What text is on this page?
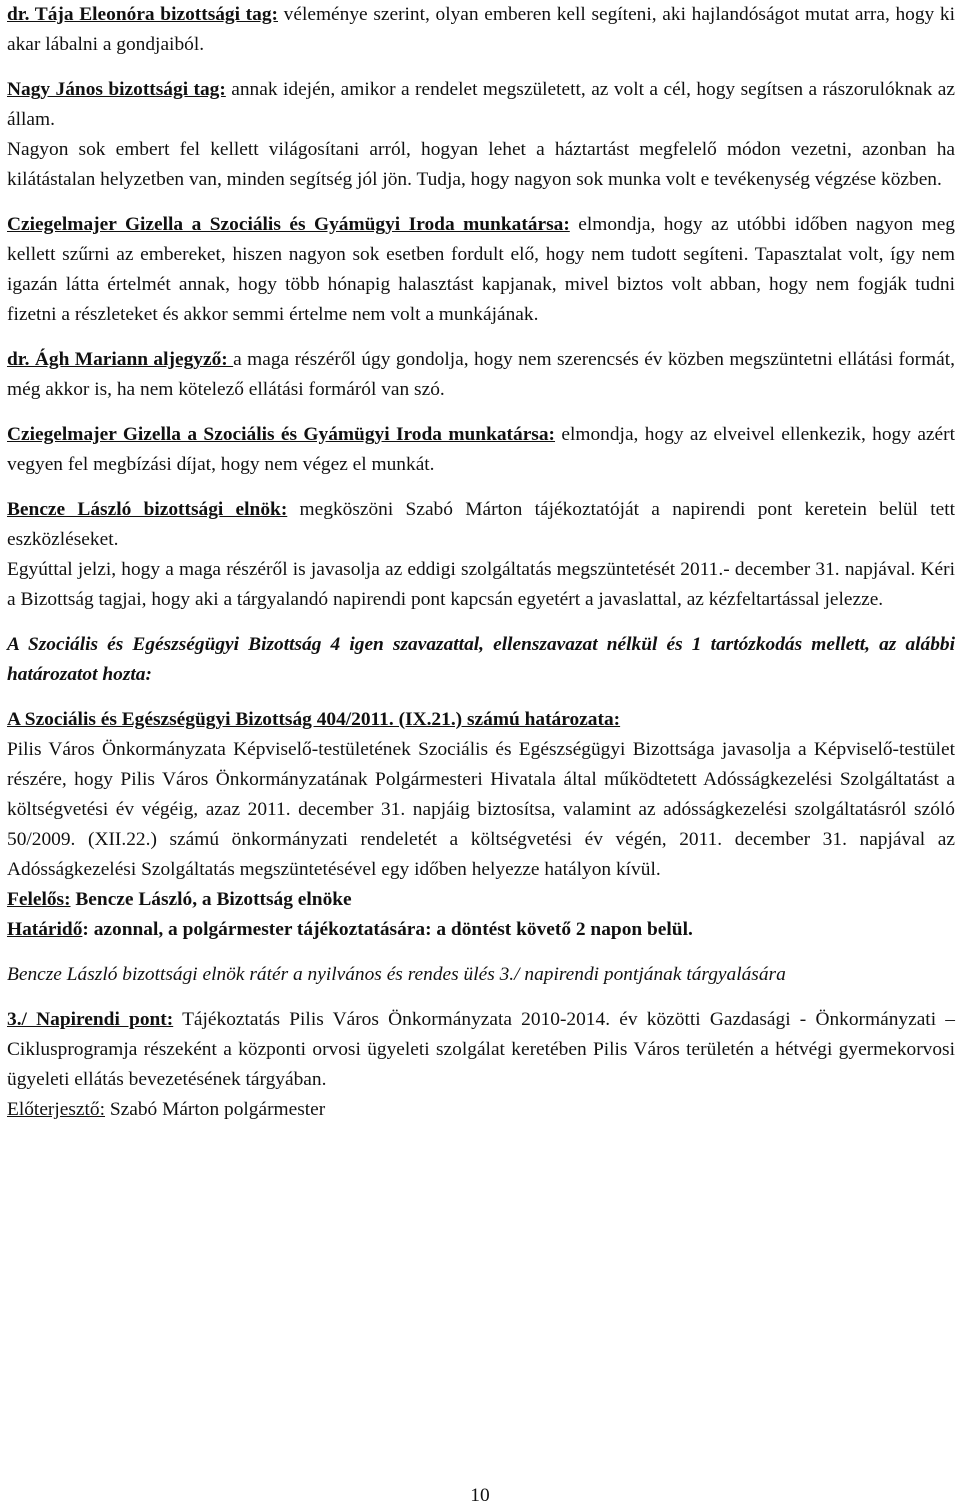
dr. Tája Eleonóra bizottsági tag: véleménye szerint, olyan emberen kell segíteni, aki hajlandóságot mutat arra, hogy ki akar lábalni a gondjaiból.

Nagy János bizottsági tag: annak idején, amikor a rendelet megszületett, az volt a cél, hogy segítsen a rászorulóknak az állam.

Nagyon sok embert fel kellett világosítani arról, hogyan lehet a háztartást megfelelő módon vezetni, azonban ha kilátástalan helyzetben van, minden segítség jól jön. Tudja, hogy nagyon sok munka volt e tevékenység végzése közben.

Cziegelmajer Gizella a Szociális és Gyámügyi Iroda munkatársa: elmondja, hogy az utóbbi időben nagyon meg kellett szűrni az embereket, hiszen nagyon sok esetben fordult elő, hogy nem tudott segíteni. Tapasztalat volt, így nem igazán látta értelmét annak, hogy több hónapig halasztást kapjanak, mivel biztos volt abban, hogy nem fogják tudni fizetni a részleteket és akkor semmi értelme nem volt a munkájának.

dr. Ágh Mariann aljegyző: a maga részéről úgy gondolja, hogy nem szerencsés év közben megszüntetni ellátási formát, még akkor is, ha nem kötelező ellátási formáról van szó.

Cziegelmajer Gizella a Szociális és Gyámügyi Iroda munkatársa: elmondja, hogy az elveivel ellenkezik, hogy azért vegyen fel megbízási díjat, hogy nem végez el munkát.

Bencze László bizottsági elnök: megköszöni Szabó Márton tájékoztatóját a napirendi pont keretein belül tett eszközléseket.

Egyúttal jelzi, hogy a maga részéről is javasolja az eddigi szolgáltatás megszüntetését 2011.- december 31. napjával. Kéri a Bizottság tagjai, hogy aki a tárgyalandó napirendi pont kapcsán egyetért a javaslattal, az kézfeltartással jelezze.

A Szociális és Egészségügyi Bizottság 4 igen szavazattal, ellenszavazat nélkül és 1 tartózkodás mellett, az alábbi határozatot hozta:

A Szociális és Egészségügyi Bizottság 404/2011. (IX.21.) számú határozata:

Pilis Város Önkormányzata Képviselő-testületének Szociális és Egészségügyi Bizottsága javasolja a Képviselő-testület részére, hogy Pilis Város Önkormányzatának Polgármesteri Hivatala által működtetett Adósságkezelési Szolgáltatást a költségvetési év végéig, azaz 2011. december 31. napjáig biztosítsa, valamint az adósságkezelési szolgáltatásról szóló 50/2009. (XII.22.) számú önkormányzati rendeletét a költségvetési év végén, 2011. december 31. napjával az Adósságkezelési Szolgáltatás megszüntetésével egy időben helyezze hatályon kívül.

Felelős: Bencze László, a Bizottság elnöke

Határidő: azonnal, a polgármester tájékoztatására: a döntést követő 2 napon belül.

Bencze László bizottsági elnök rátér a nyilvános és rendes ülés 3./ napirendi pontjának tárgyalására

3./ Napirendi pont: Tájékoztatás Pilis Város Önkormányzata 2010-2014. év közötti Gazdasági - Önkormányzati – Ciklusprogramja részeként a központi orvosi ügyeleti szolgálat keretében Pilis Város területén a hétvégi gyermekorvosi ügyeleti ellátás bevezetésének tárgyában.

Előterjesztő: Szabó Márton polgármester

10
